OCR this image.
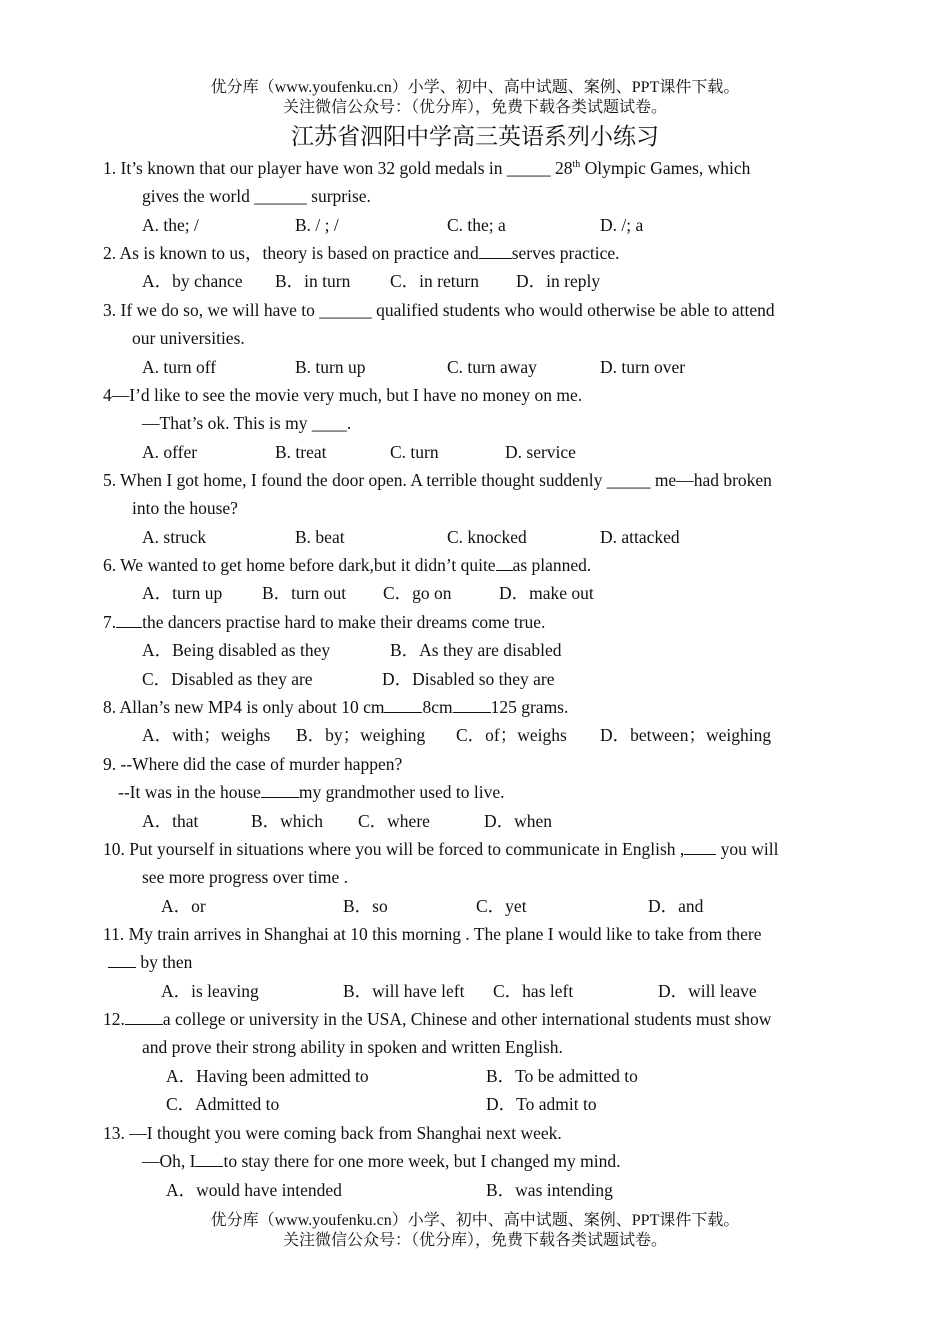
优分库（www.youfenku.cn）小学、初中、高中试题、案例、PPT课件下载。
关注微信公众号：（优分库），免费下载各类试题试卷。
江苏省泗阳中学高三英语系列小练习
1. It’s known that our player have won 32 gold medals in _____ 28th Olympic Games, which
gives the world ______ surprise.
A. the; /	B. / ; /	C. the; a	D. /; a
2. As is known to us，theory is based on practice and serves practice.
A．by chance B．in turn C．in return D．in reply
3. If we do so, we will have to ______ qualified students who would otherwise be able to attend
our universities.
A. turn off	B. turn up	C. turn away	D. turn over
4—I’d like to see the movie very much, but I have no money on me.
—That’s ok. This is my ____.
A. offer	B. treat	C. turn	D. service
5. When I got home, I found the door open. A terrible thought suddenly _____ me—had broken
into the house?
A. struck	B. beat	C. knocked	D. attacked
6. We wanted to get home before dark,but it didn’t quite as planned.
A．turn up B．turn out C．go on	D．make out
7. the dancers practise hard to make their dreams come true.
A．Being disabled as they	B．As they are disabled
C．Disabled as they are	D．Disabled so they are
8. Allan’s new MP4 is only about 10 cm 8cm 125 grams.
A．with；weighs B．by；weighing C．of；weighs D．between；weighing
9. --Where did the case of murder happen?
--It was in the house my grandmother used to live.
A．that	B．which C．where	D．when
10. Put yourself in situations where you will be forced to communicate in English , you will
see more progress over time .
A．or	B．so	C．yet	D．and
11. My train arrives in Shanghai at 10 this morning . The plane I would like to take from there
by then
A．is leaving	B．will have left C．has left	D．will leave
12. a college or university in the USA, Chinese and other international students must show
and prove their strong ability in spoken and written English.
A．Having been admitted to	B．To be admitted to
C．Admitted to	D．To admit to
13. —I thought you were coming back from Shanghai next week.
—Oh, I to stay there for one more week, but I changed my mind.
A．would have intended	B．was intending
优分库（www.youfenku.cn）小学、初中、高中试题、案例、PPT课件下载。
关注微信公众号：（优分库），免费下载各类试题试卷。
